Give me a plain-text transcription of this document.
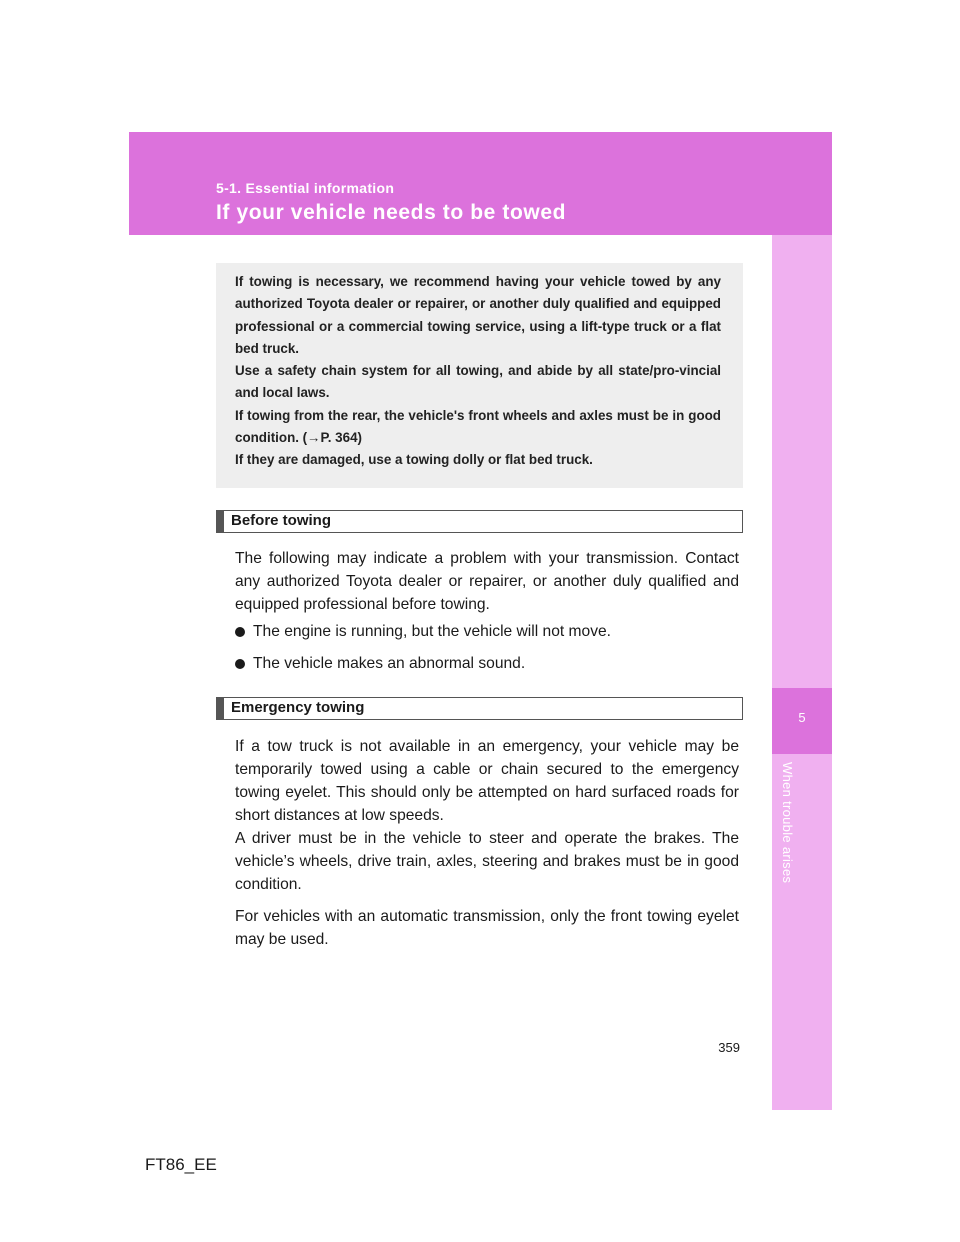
5-1. Essential information
If your vehicle needs to be towed
5
When trouble arises

If towing is necessary, we recommend having your vehicle towed by any authorized Toyota dealer or repairer, or another duly qualified and equipped professional or a commercial towing service, using a lift-type truck or a flat bed truck.

Use a safety chain system for all towing, and abide by all state/pro-vincial and local laws.

If towing from the rear, the vehicle's front wheels and axles must be in good condition. (→P. 364)

If they are damaged, use a towing dolly or flat bed truck.

Before towing

The following may indicate a problem with your transmission. Contact any authorized Toyota dealer or repairer, or another duly qualified and equipped professional before towing.

The engine is running, but the vehicle will not move.
The vehicle makes an abnormal sound.
Emergency towing

If a tow truck is not available in an emergency, your vehicle may be temporarily towed using a cable or chain secured to the emergency towing eyelet. This should only be attempted on hard surfaced roads for short distances at low speeds.

A driver must be in the vehicle to steer and operate the brakes. The vehicle’s wheels, drive train, axles, steering and brakes must be in good condition.

For vehicles with an automatic transmission, only the front towing eyelet may be used.

359
FT86_EE
